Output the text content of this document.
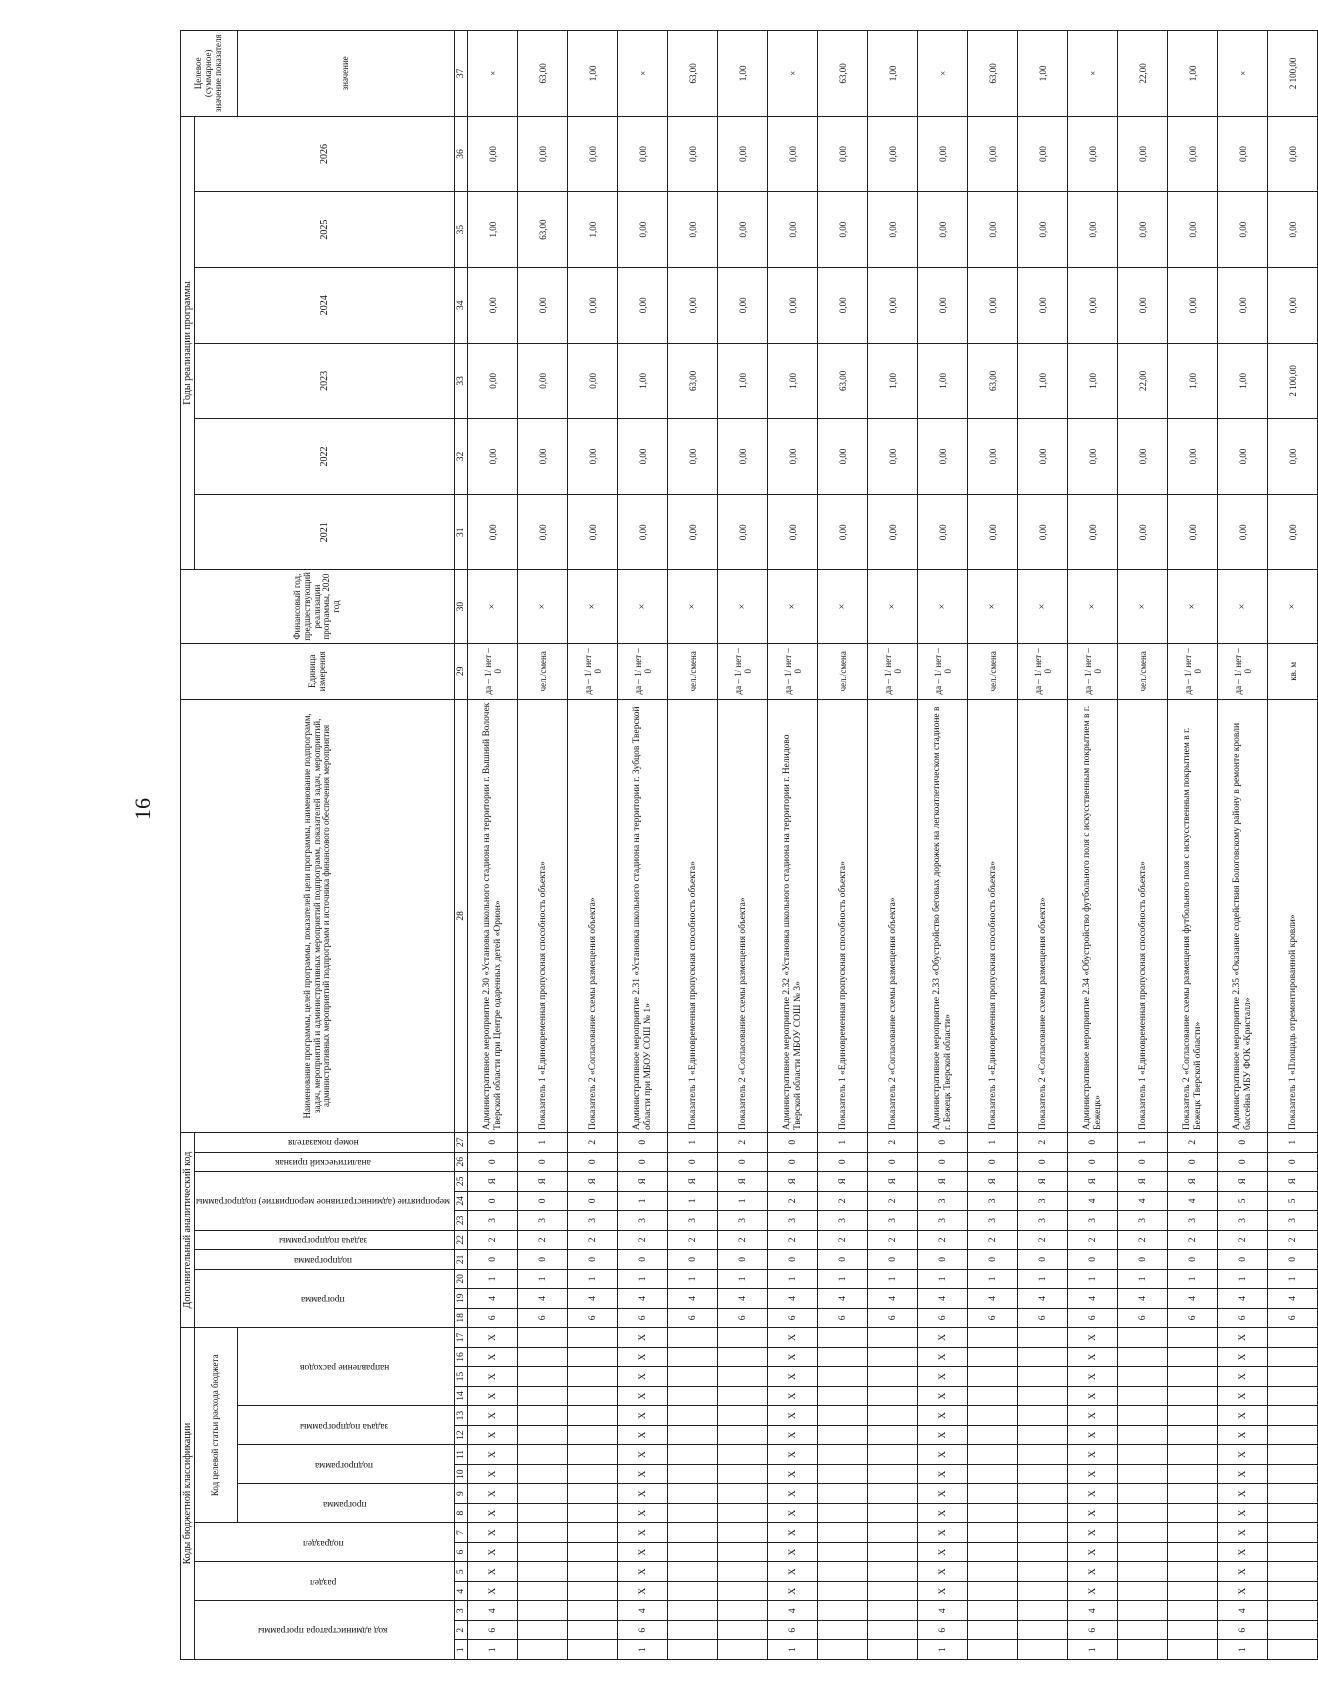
16
Коды бюджетной классификации																	Дополнительный аналитический код										Наименование программы, целей программы, показателей цели программы, наименование подпрограмм, задач, мероприятий и административных мероприятий подпрограмм, показателей задач, мероприятий, административных мероприятий подпрограмм и источника финансового обеспечения мероприятия	Единица измерения	Финансовый год, предшествующий реализации программы, 2020 год	Годы реализации программы						Целевое (суммарное) значение показателя
код администратора программы			раздел		подраздел		Код целевой статьи расхода бюджета										программа			подпрограмма	задача подпрограммы	мероприятие (административное мероприятие) подпрограммы			аналитический признак	номер показателя				2021	2022	2023	2024	2025	2026	
							программа		подпрограмма		задача подпрограммы		направление расходов																							значение
1	2	3	4	5	6	7	8	9	10	11	12	13	14	15	16	17	18	19	20	21	22	23	24	25	26	27	28	29	30	31	32	33	34	35	36	37
1	6	4	X	X	X	X	X	X	X	X	X	X	X	X	X	X	6	4	1	0	2	3	0	Я	0	0	Административное мероприятие 2.30 «Установка школьного стадиона на территории г. Вышний Волочек Тверской области при Центре одаренных детей «Орион»	да – 1/ нет – 0	×	0,00	0,00	0,00	0,00	1,00	0,00	×
																	6	4	1	0	2	3	0	Я	0	1	Показатель 1 «Единовременная пропускная способность объекта»	чел./смена	×	0,00	0,00	0,00	0,00	63,00	0,00	63,00
																	6	4	1	0	2	3	0	Я	0	2	Показатель 2 «Согласование схемы размещения объекта»	да – 1/ нет – 0	×	0,00	0,00	0,00	0,00	1,00	0,00	1,00
1	6	4	X	X	X	X	X	X	X	X	X	X	X	X	X	X	6	4	1	0	2	3	1	Я	0	0	Административное мероприятие 2.31 «Установка школьного стадиона на территории г. Зубцов Тверской области при МБОУ СОШ № 1»	да – 1/ нет – 0	×	0,00	0,00	1,00	0,00	0,00	0,00	×
																	6	4	1	0	2	3	1	Я	0	1	Показатель 1 «Единовременная пропускная способность объекта»	чел./смена	×	0,00	0,00	63,00	0,00	0,00	0,00	63,00
																	6	4	1	0	2	3	1	Я	0	2	Показатель 2 «Согласование схемы размещения объекта»	да – 1/ нет – 0	×	0,00	0,00	1,00	0,00	0,00	0,00	1,00
1	6	4	X	X	X	X	X	X	X	X	X	X	X	X	X	X	6	4	1	0	2	3	2	Я	0	0	Административное мероприятие 2.32 «Установка школьного стадиона на территории г. Нелидово Тверской области МБОУ СОШ № 3»	да – 1/ нет – 0	×	0,00	0,00	1,00	0,00	0,00	0,00	×
																	6	4	1	0	2	3	2	Я	0	1	Показатель 1 «Единовременная пропускная способность объекта»	чел./смена	×	0,00	0,00	63,00	0,00	0,00	0,00	63,00
																	6	4	1	0	2	3	2	Я	0	2	Показатель 2 «Согласование схемы размещения объекта»	да – 1/ нет – 0	×	0,00	0,00	1,00	0,00	0,00	0,00	1,00
1	6	4	X	X	X	X	X	X	X	X	X	X	X	X	X	X	6	4	1	0	2	3	3	Я	0	0	Административное мероприятие 2.33 «Обустройство беговых дорожек на легкоатлетическом стадионе в г. Бежецк Тверской области»	да – 1/ нет – 0	×	0,00	0,00	1,00	0,00	0,00	0,00	×
																	6	4	1	0	2	3	3	Я	0	1	Показатель 1 «Единовременная пропускная способность объекта»	чел./смена	×	0,00	0,00	63,00	0,00	0,00	0,00	63,00
																	6	4	1	0	2	3	3	Я	0	2	Показатель 2 «Согласование схемы размещения объекта»	да – 1/ нет – 0	×	0,00	0,00	1,00	0,00	0,00	0,00	1,00
1	6	4	X	X	X	X	X	X	X	X	X	X	X	X	X	X	6	4	1	0	2	3	4	Я	0	0	Административное мероприятие 2.34 «Обустройство футбольного поля с искусственным покрытием в г. Бежецк»	да – 1/ нет – 0	×	0,00	0,00	1,00	0,00	0,00	0,00	×
																	6	4	1	0	2	3	4	Я	0	1	Показатель 1 «Единовременная пропускная способность объекта»	чел./смена	×	0,00	0,00	22,00	0,00	0,00	0,00	22,00
																	6	4	1	0	2	3	4	Я	0	2	Показатель 2 «Согласование схемы размещения футбольного поля с искусственным покрытием в г. Бежецк Тверской области»	да – 1/ нет – 0	×	0,00	0,00	1,00	0,00	0,00	0,00	1,00
1	6	4	X	X	X	X	X	X	X	X	X	X	X	X	X	X	6	4	1	0	2	3	5	Я	0	0	Административное мероприятие 2.35 «Оказание содействия Бологовскому району в ремонте кровли бассейна МБУ ФОК «Кристалл»	да – 1/ нет – 0	×	0,00	0,00	1,00	0,00	0,00	0,00	×
																	6	4	1	0	2	3	5	Я	0	1	Показатель 1 «Площадь отремонтированной кровли»	кв. м	×	0,00	0,00	2 100,00	0,00	0,00	0,00	2 100,00
